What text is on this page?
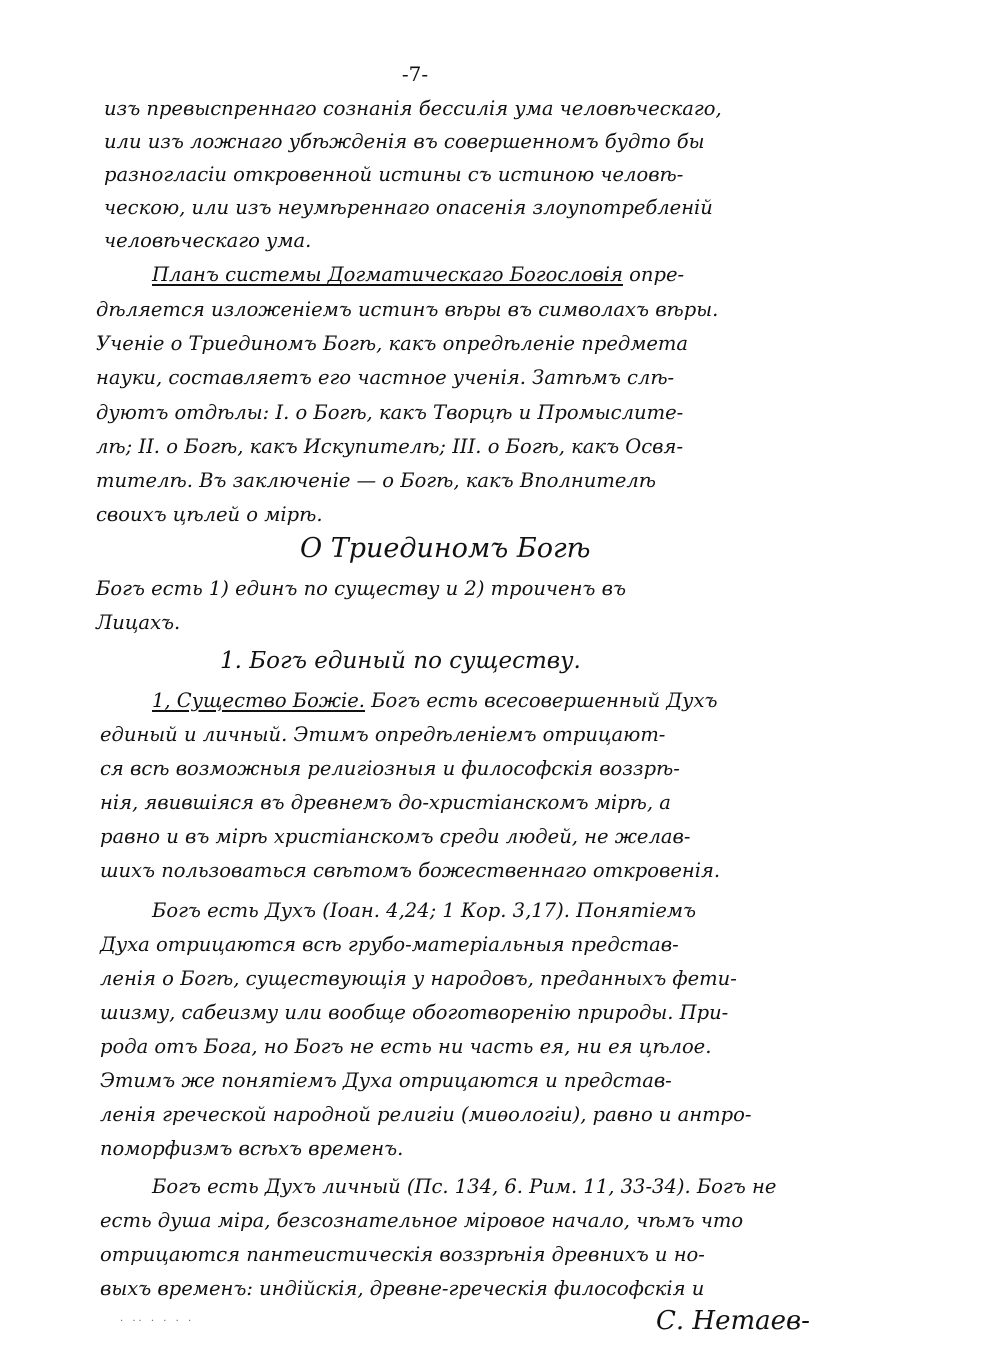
-7-
изъ превыспреннаго сознанія бессилія ума человѣческаго,
или изъ ложнаго убѣжденія въ совершенномъ будто бы
разногласіи откровенной истины съ истиною человѣ-
ческою, или изъ неумѣреннаго опасенія злоупотребленій
человѣческаго ума.
Планъ системы Догматическаго Богословія опре-
дѣляется изложеніемъ истинъ вѣры въ символахъ вѣры.
Ученіе о Триединомъ Богѣ, какъ опредѣленіе предмета
науки, составляетъ его частное ученія. Затѣмъ слѣ-
дуютъ отдѣлы: I. о Богѣ, какъ Творцѣ и Промыслите-
лѣ; II. о Богѣ, какъ Искупителѣ; III. о Богѣ, какъ Освя-
тителѣ. Въ заключеніе — о Богѣ, какъ Вполнителѣ
своихъ цѣлей о мірѣ.
О Триединомъ Богѣ
Богъ есть 1) единъ по существу и 2) троиченъ въ
Лицахъ.
1. Богъ единый по существу.
1, Существо Божіе. Богъ есть всесовершенный Духъ
единый и личный. Этимъ опредѣленіемъ отрицают-
ся всѣ возможныя религіозныя и философскія воззрѣ-
нія, явившіяся въ древнемъ до-христіанскомъ мірѣ, а
равно и въ мірѣ христіанскомъ среди людей, не желав-
шихъ пользоваться свѣтомъ божественнаго откровенія.
Богъ есть Духъ (Іоан. 4,24; 1 Кор. 3,17). Понятіемъ
Духа отрицаются всѣ грубо-матеріальныя представ-
ленія о Богѣ, существующія у народовъ, преданныхъ фети-
шизму, сабеизму или вообще обоготворенію природы. При-
рода отъ Бога, но Богъ не есть ни часть ея, ни ея цѣлое.
Этимъ же понятіемъ Духа отрицаются и представ-
ленія греческой народной религіи (миѳологіи), равно и антро-
поморфизмъ всѣхъ временъ.
Богъ есть Духъ личный (Пс. 134, 6. Рим. 11, 33-34). Богъ не
есть душа міра, безсознательное міровое начало, чѣмъ что
отрицаются пантеистическія воззрѣнія древнихъ и но-
выхъ временъ: индійскія, древне-греческія философскія и
· ·· · · · ·	С. Нетаев-
